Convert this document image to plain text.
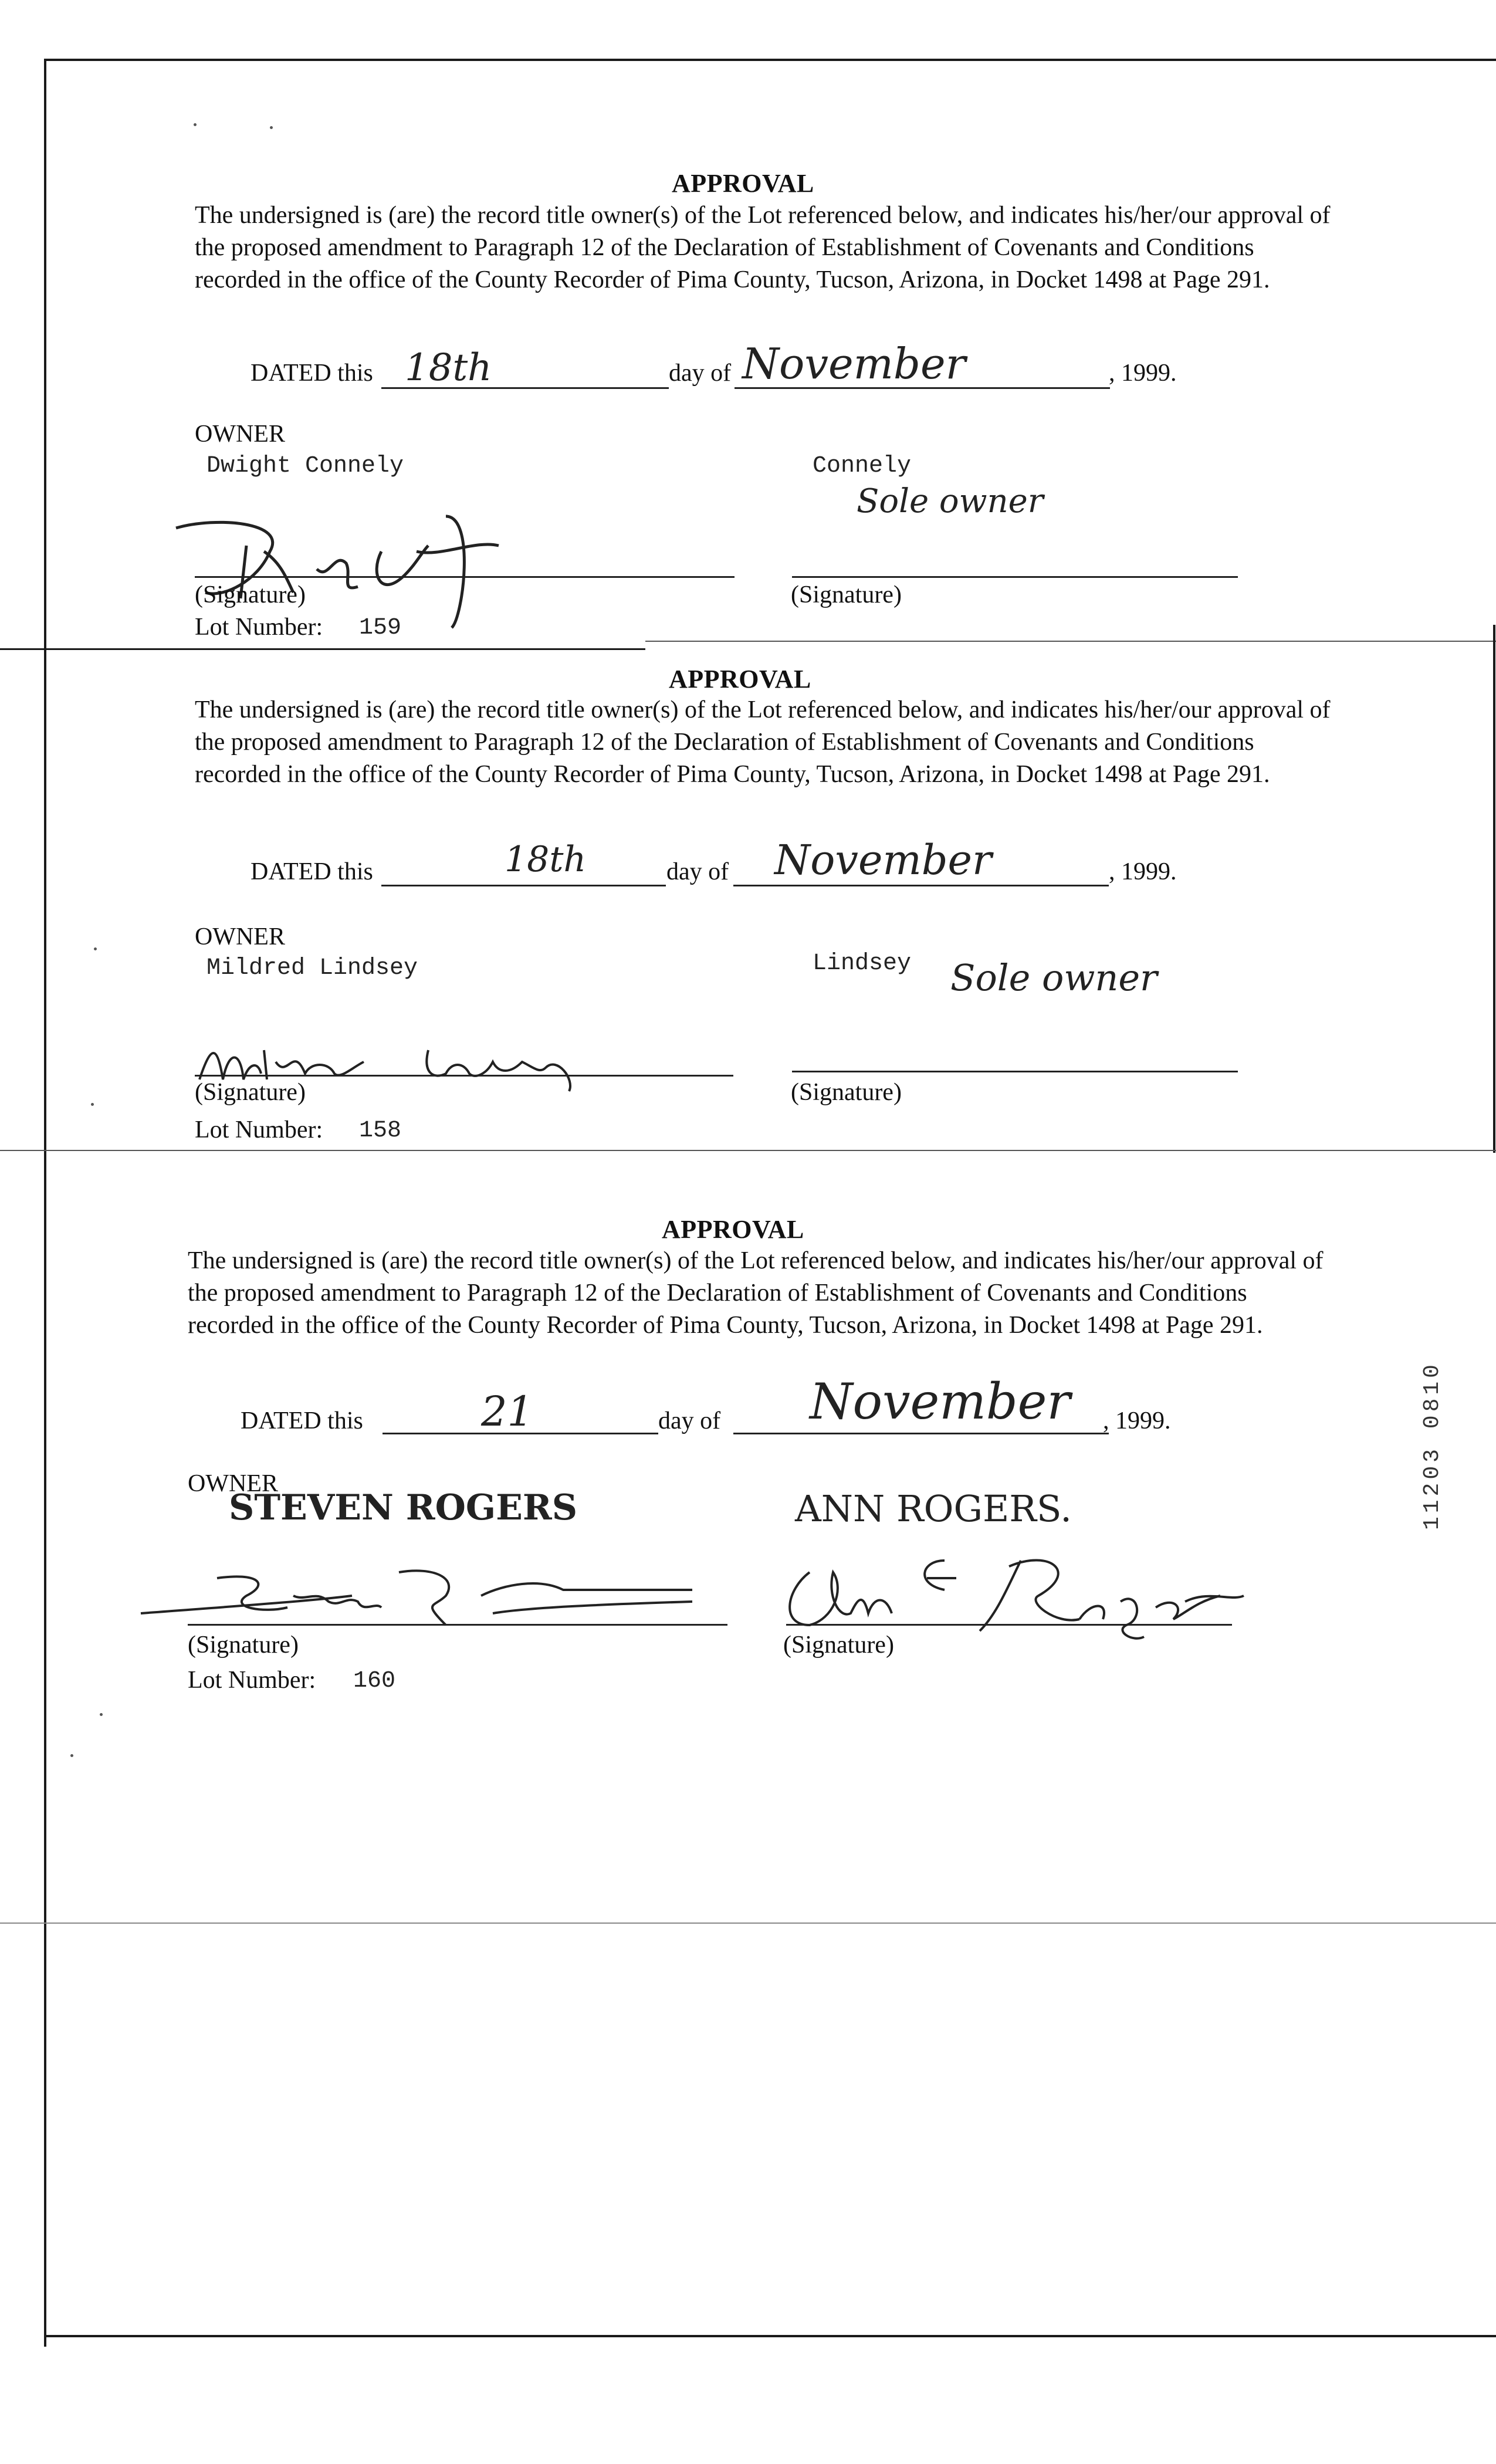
APPROVAL
The undersigned is (are) the record title owner(s) of the Lot referenced below, and indicates his/her/our approval of the proposed amendment to Paragraph 12 of the Declaration of Establishment of Covenants and Conditions recorded in the office of the County Recorder of Pima County, Tucson, Arizona, in Docket 1498 at Page 291.
DATED this 18th	day of November	, 1999.
OWNER
Dwight Connely	Connely
Sole owner
(Signature)	(Signature)
Lot Number: 159
APPROVAL
The undersigned is (are) the record title owner(s) of the Lot referenced below, and indicates his/her/our approval of the proposed amendment to Paragraph 12 of the Declaration of Establishment of Covenants and Conditions recorded in the office of the County Recorder of Pima County, Tucson, Arizona, in Docket 1498 at Page 291.
DATED this	18th	day of November	, 1999.
OWNER
Mildred Lindsey	Lindsey Sole owner
(Signature)	(Signature)
Lot Number: 158
APPROVAL
The undersigned is (are) the record title owner(s) of the Lot referenced below, and indicates his/her/our approval of the proposed amendment to Paragraph 12 of the Declaration of Establishment of Covenants and Conditions recorded in the office of the County Recorder of Pima County, Tucson, Arizona, in Docket 1498 at Page 291.
DATED this	21	day of November , 1999.
OWNER
STEVEN ROGERS	ANN ROGERS.
(Signature)	(Signature)
Lot Number: 160
11203 0810
